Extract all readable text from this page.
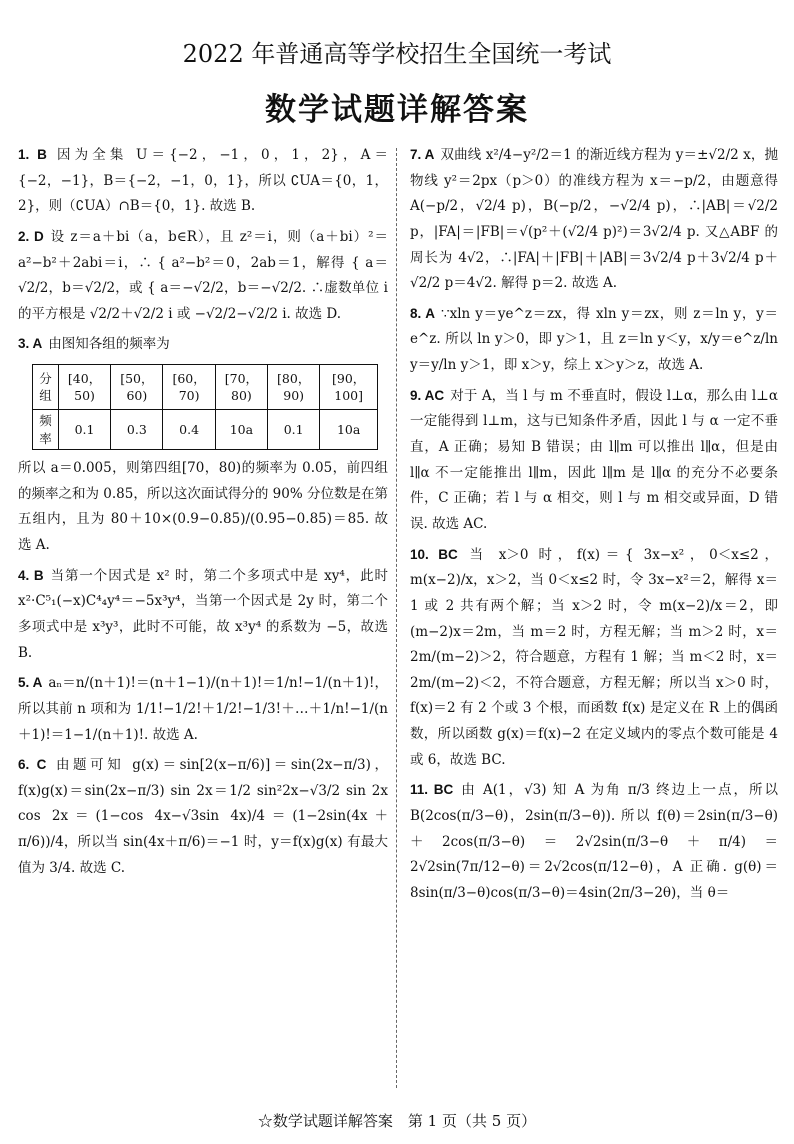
2022 年普通高等学校招生全国统一考试
数学试题详解答案
1. B 因为全集 U＝{−2，−1，0，1，2}，A＝{−2，−1}，B＝{−2，−1，0，1}，所以 ∁UA＝{0，1，2}，则（∁UA）∩B＝{0，1}. 故选 B.
2. D 设 z＝a＋bi（a，b∈R），且 z²＝i，则（a＋bi）²＝a²−b²＋2abi＝i，∴ { a²−b²＝0，2ab＝1，解得 { a＝√2/2，b＝√2/2，或 { a＝−√2/2，b＝−√2/2. ∴虚数单位 i 的平方根是 √2/2＋√2/2 i 或 −√2/2−√2/2 i. 故选 D.
3. A 由图知各组的频率为
分组	[40，50)	[50，60)	[60，70)	[70，80)	[80，90)	[90，100]
频率	0.1	0.3	0.4	10a	0.1	10a
所以 a＝0.005，则第四组[70，80)的频率为 0.05，前四组的频率之和为 0.85，所以这次面试得分的 90% 分位数是在第五组内，且为 80＋10×(0.9−0.85)/(0.95−0.85)＝85. 故选 A.
4. B 当第一个因式是 x² 时，第二个多项式中是 xy⁴，此时 x²·C⁵₁(−x)C⁴₄y⁴＝−5x³y⁴，当第一个因式是 2y 时，第二个多项式中是 x³y³，此时不可能，故 x³y⁴ 的系数为 −5，故选 B.
5. A aₙ＝n/(n＋1)!＝(n＋1−1)/(n＋1)!＝1/n!−1/(n＋1)!，所以其前 n 项和为 1/1!−1/2!＋1/2!−1/3!＋…＋1/n!−1/(n＋1)!＝1−1/(n＋1)!. 故选 A.
6. C 由题可知 g(x)＝sin[2(x−π/6)]＝sin(2x−π/3)，f(x)g(x)＝sin(2x−π/3) sin 2x＝1/2 sin²2x−√3/2 sin 2x cos 2x＝(1−cos 4x−√3sin 4x)/4＝(1−2sin(4x＋π/6))/4，所以当 sin(4x＋π/6)＝−1 时，y＝f(x)g(x) 有最大值为 3/4. 故选 C.
7. A 双曲线 x²/4−y²/2＝1 的渐近线方程为 y＝±√2/2 x，抛物线 y²＝2px（p＞0）的准线方程为 x＝−p/2，由题意得 A(−p/2，√2/4 p)，B(−p/2，−√2/4 p)，∴|AB|＝√2/2 p，|FA|＝|FB|＝√(p²＋(√2/4 p)²)＝3√2/4 p. 又△ABF 的周长为 4√2，∴|FA|＋|FB|＋|AB|＝3√2/4 p＋3√2/4 p＋√2/2 p＝4√2. 解得 p＝2. 故选 A.
8. A ∵xln y＝ye^z＝zx，得 xln y＝zx，则 z＝ln y，y＝e^z. 所以 ln y＞0，即 y＞1，且 z＝ln y＜y，x/y＝e^z/ln y＝y/ln y＞1，即 x＞y，综上 x＞y＞z，故选 A.
9. AC 对于 A，当 l 与 m 不垂直时，假设 l⊥α，那么由 l⊥α 一定能得到 l⊥m，这与已知条件矛盾，因此 l 与 α 一定不垂直，A 正确；易知 B 错误；由 l∥m 可以推出 l∥α，但是由 l∥α 不一定能推出 l∥m，因此 l∥m 是 l∥α 的充分不必要条件，C 正确；若 l 与 α 相交，则 l 与 m 相交或异面，D 错误. 故选 AC.
10. BC 当 x＞0 时，f(x)＝{ 3x−x²，0＜x≤2，m(x−2)/x，x＞2，当 0＜x≤2 时，令 3x−x²＝2，解得 x＝1 或 2 共有两个解；当 x＞2 时，令 m(x−2)/x＝2，即(m−2)x＝2m，当 m＝2 时，方程无解；当 m＞2 时，x＝2m/(m−2)＞2，符合题意，方程有 1 解；当 m＜2 时，x＝2m/(m−2)＜2，不符合题意，方程无解；所以当 x＞0 时，f(x)＝2 有 2 个或 3 个根，而函数 f(x) 是定义在 R 上的偶函数，所以函数 g(x)＝f(x)−2 在定义域内的零点个数可能是 4 或 6，故选 BC.
11. BC 由 A(1，√3) 知 A 为角 π/3 终边上一点，所以 B(2cos(π/3−θ)，2sin(π/3−θ)). 所以 f(θ)＝2sin(π/3−θ)＋2cos(π/3−θ)＝2√2sin(π/3−θ＋π/4)＝2√2sin(7π/12−θ)＝2√2cos(π/12−θ)，A 正确. g(θ)＝8sin(π/3−θ)cos(π/3−θ)＝4sin(2π/3−2θ)，当 θ＝
☆数学试题详解答案　第 1 页（共 5 页）
